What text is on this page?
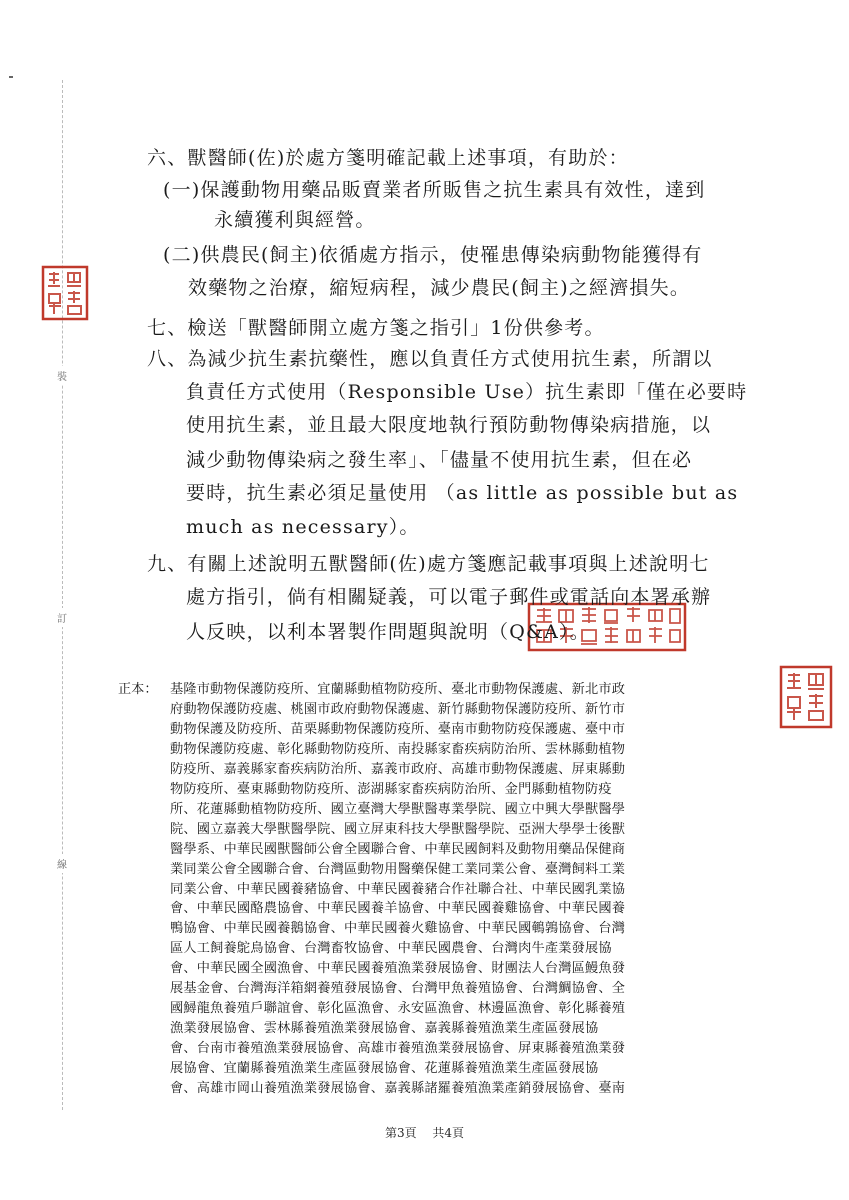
裝
訂
線
六、獸醫師(佐)於處方箋明確記載上述事項，有助於：
(一)保護動物用藥品販賣業者所販售之抗生素具有效性，達到
永續獲利與經營。
(二)供農民(飼主)依循處方指示，使罹患傳染病動物能獲得有
效藥物之治療，縮短病程，減少農民(飼主)之經濟損失。
七、檢送「獸醫師開立處方箋之指引」1份供參考。
八、為減少抗生素抗藥性，應以負責任方式使用抗生素，所謂以
負責任方式使用（Responsible Use）抗生素即「僅在必要時
使用抗生素，並且最大限度地執行預防動物傳染病措施，以
減少動物傳染病之發生率」、「儘量不使用抗生素，但在必
要時，抗生素必須足量使用 （as little as possible but as
much as necessary）。
九、有關上述說明五獸醫師(佐)處方箋應記載事項與上述說明七
處方指引，倘有相關疑義，可以電子郵件或電話向本署承辦
人反映，以利本署製作問題與說明（Q&A）。
正本： 基隆市動物保護防疫所、宜蘭縣動植物防疫所、臺北市動物保護處、新北市政
府動物保護防疫處、桃園市政府動物保護處、新竹縣動物保護防疫所、新竹市
動物保護及防疫所、苗栗縣動物保護防疫所、臺南市動物防疫保護處、臺中市
動物保護防疫處、彰化縣動物防疫所、南投縣家畜疾病防治所、雲林縣動植物
防疫所、嘉義縣家畜疾病防治所、嘉義市政府、高雄市動物保護處、屏東縣動
物防疫所、臺東縣動物防疫所、澎湖縣家畜疾病防治所、金門縣動植物防疫
所、花蓮縣動植物防疫所、國立臺灣大學獸醫專業學院、國立中興大學獸醫學
院、國立嘉義大學獸醫學院、國立屏東科技大學獸醫學院、亞洲大學學士後獸
醫學系、中華民國獸醫師公會全國聯合會、中華民國飼料及動物用藥品保健商
業同業公會全國聯合會、台灣區動物用醫藥保健工業同業公會、臺灣飼料工業
同業公會、中華民國養豬協會、中華民國養豬合作社聯合社、中華民國乳業協
會、中華民國酪農協會、中華民國養羊協會、中華民國養雞協會、中華民國養
鴨協會、中華民國養鵝協會、中華民國養火雞協會、中華民國鵪鶉協會、台灣
區人工飼養鴕鳥協會、台灣畜牧協會、中華民國農會、台灣肉牛產業發展協
會、中華民國全國漁會、中華民國養殖漁業發展協會、財團法人台灣區鰻魚發
展基金會、台灣海洋箱網養殖發展協會、台灣甲魚養殖協會、台灣鯛協會、全
國鱘龍魚養殖戶聯誼會、彰化區漁會、永安區漁會、林邊區漁會、彰化縣養殖
漁業發展協會、雲林縣養殖漁業發展協會、嘉義縣養殖漁業生產區發展協
會、台南市養殖漁業發展協會、高雄市養殖漁業發展協會、屏東縣養殖漁業發
展協會、宜蘭縣養殖漁業生產區發展協會、花蓮縣養殖漁業生產區發展協
會、高雄市岡山養殖漁業發展協會、嘉義縣諸羅養殖漁業產銷發展協會、臺南
第3頁 共4頁
